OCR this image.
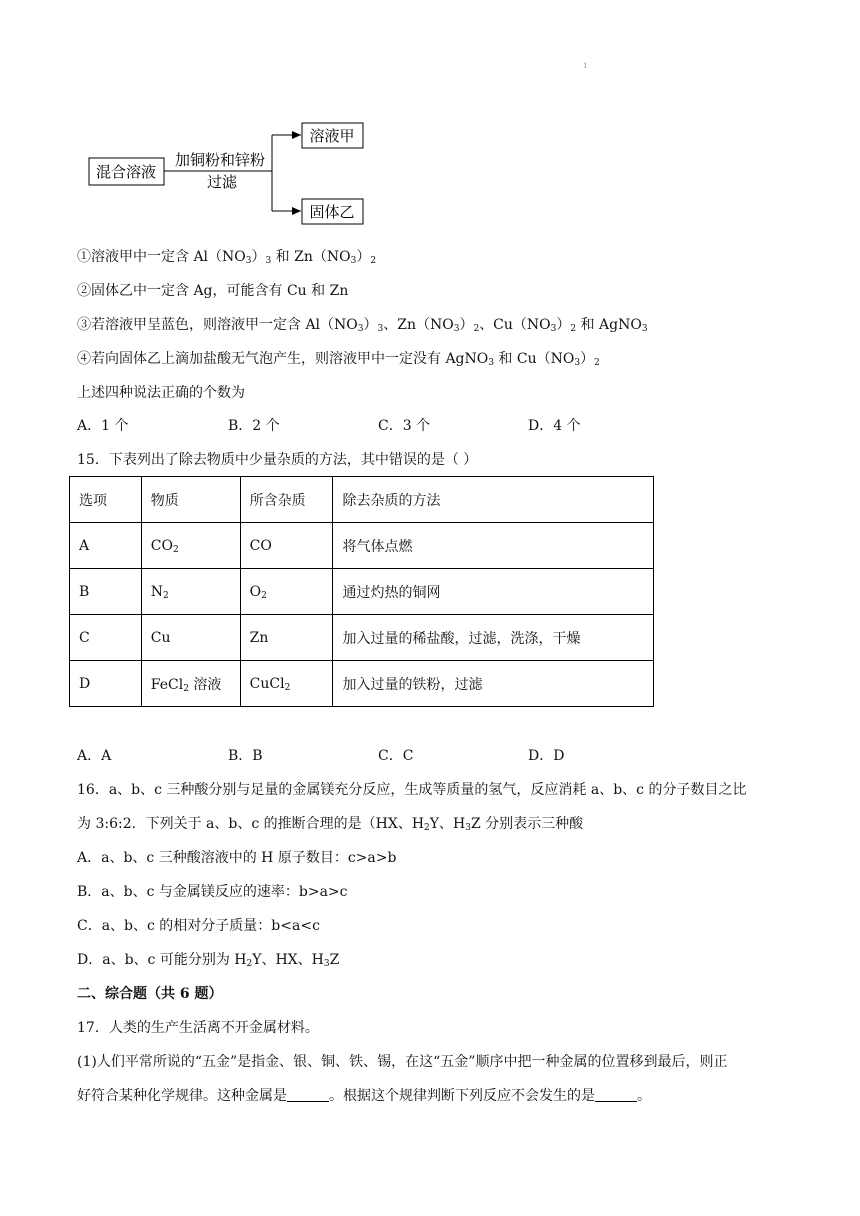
1
混合溶液
加铜粉和锌粉
过滤
溶液甲
固体乙
①溶液甲中一定含 $Al(NO_3)_3$ 和 $Zn(NO_3)_2$
②固体乙中一定含 Ag，可能含有 Cu 和 Zn
③若溶液甲呈蓝色，则溶液甲一定含 $Al(NO_3)_3$、$Zn(NO_3)_2$、$Cu(NO_3)_2$ 和 AgNO$_3$
④若向固体乙上滴加盐酸无气泡产生，则溶液甲中一定没有 AgNO$_3$ 和 $Cu(NO_3)_2$
上述四种说法正确的个数为
A．1 个	B．2 个	C．3 个	D．4 个
15．下表列出了除去物质中少量杂质的方法，其中错误的是（ ）
选项	物质	所含杂质	除去杂质的方法
A	$CO_2$	CO	将气体点燃
B	$N_2$	$O_2$	通过灼热的铜网
C	Cu	Zn	加入过量的稀盐酸，过滤，洗涤，干燥
D	FeCl$_2$ 溶液	CuCl$_2$	加入过量的铁粉，过滤
A．A	B．B	C．C	D．D
16．a、b、c 三种酸分别与足量的金属镁充分反应，生成等质量的氢气，反应消耗 a、b、c 的分子数目之比
为 3:6:2．下列关于 a、b、c 的推断合理的是（HX、$H_2Y$、$H_3Z$ 分别表示三种酸
A．a、b、c 三种酸溶液中的 H 原子数目：c>a>b
B．a、b、c 与金属镁反应的速率：b>a>c
C．a、b、c 的相对分子质量：b<a<c
D．a、b、c 可能分别为 $H_2Y$、HX、$H_3Z$
二、综合题（共 6 题）
17．人类的生产生活离不开金属材料。
(1)人们平常所说的“五金”是指金、银、铜、铁、锡，在这“五金”顺序中把一种金属的位置移到最后，则正
好符合某种化学规律。这种金属是	。根据这个规律判断下列反应不会发生的是	。
